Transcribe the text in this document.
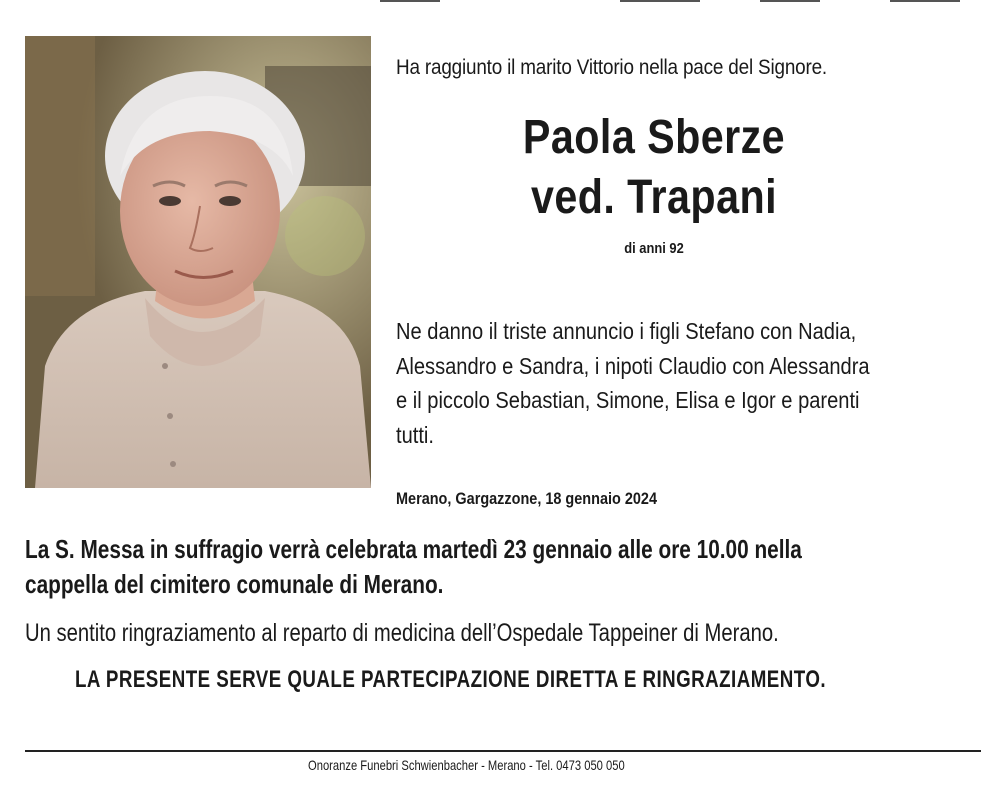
Ha raggiunto il marito Vittorio nella pace del Signore.
Paola Sberze
ved. Trapani
di anni 92
Ne danno il triste annuncio i figli Stefano con Nadia,
Alessandro e Sandra, i nipoti Claudio con Alessandra
e il piccolo Sebastian, Simone, Elisa e Igor e parenti
tutti.
Merano, Gargazzone, 18 gennaio 2024
La S. Messa in suffragio verrà celebrata martedì 23 gennaio alle ore 10.00 nella
cappella del cimitero comunale di Merano.
Un sentito ringraziamento al reparto di medicina dell’Ospedale Tappeiner di Merano.
LA PRESENTE SERVE QUALE PARTECIPAZIONE DIRETTA E RINGRAZIAMENTO.
Onoranze Funebri Schwienbacher - Merano - Tel. 0473 050 050
